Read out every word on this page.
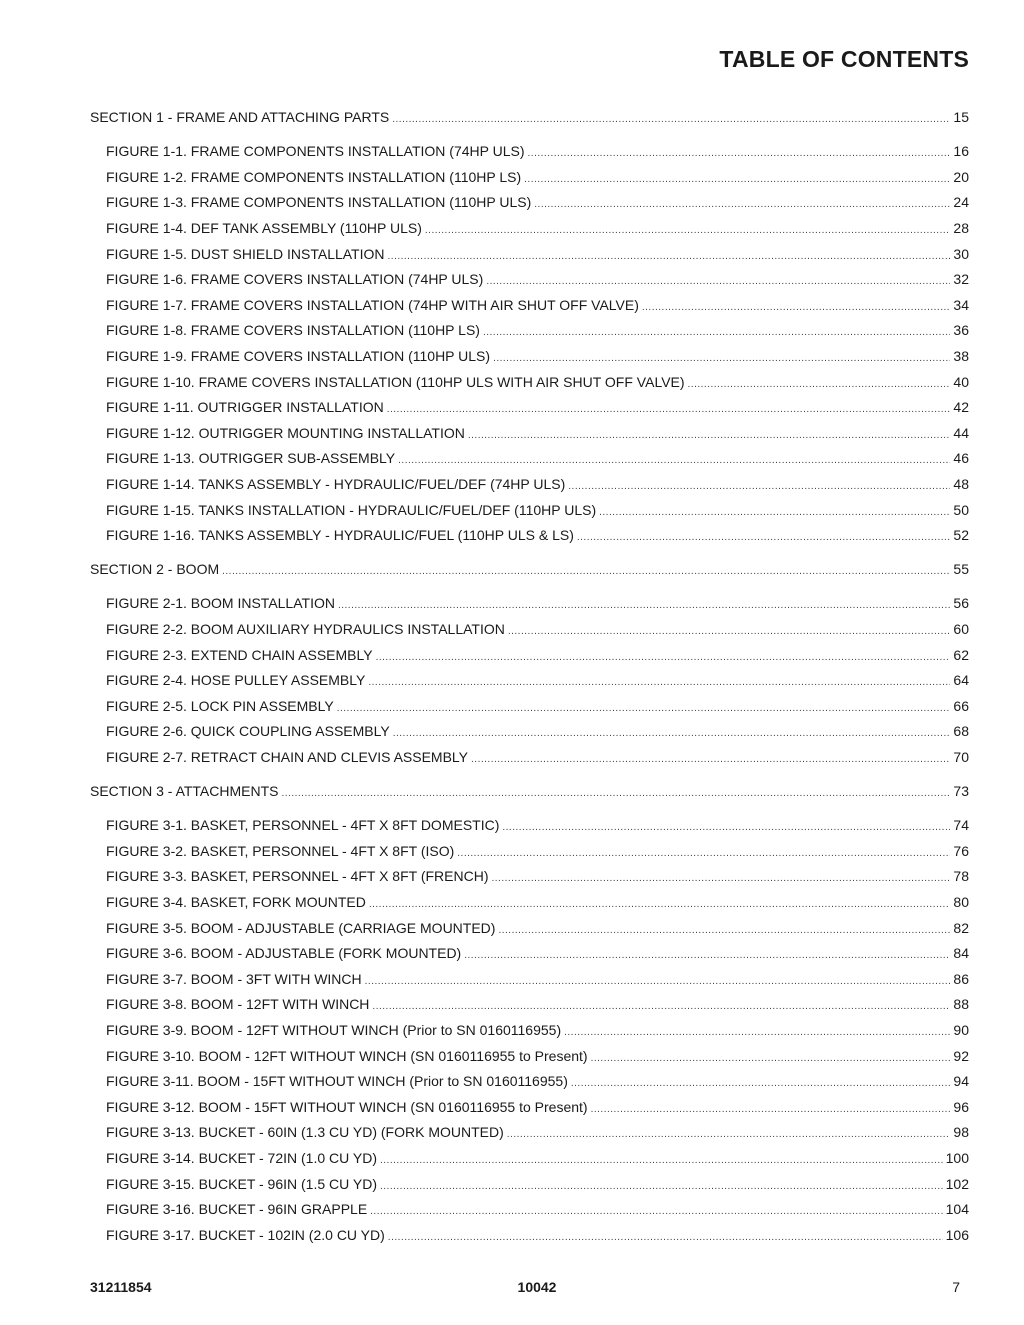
TABLE OF CONTENTS
SECTION 1 - FRAME AND ATTACHING PARTS .....	15
FIGURE 1-1. FRAME COMPONENTS INSTALLATION (74HP ULS) .....	16
FIGURE 1-2. FRAME COMPONENTS INSTALLATION (110HP LS) .....	20
FIGURE 1-3. FRAME COMPONENTS INSTALLATION (110HP ULS) .....	24
FIGURE 1-4. DEF TANK ASSEMBLY (110HP ULS) .....	28
FIGURE 1-5. DUST SHIELD INSTALLATION .....	30
FIGURE 1-6. FRAME COVERS INSTALLATION (74HP ULS) .....	32
FIGURE 1-7. FRAME COVERS INSTALLATION (74HP WITH AIR SHUT OFF VALVE) .....	34
FIGURE 1-8. FRAME COVERS INSTALLATION (110HP LS) .....	36
FIGURE 1-9. FRAME COVERS INSTALLATION (110HP ULS) .....	38
FIGURE 1-10. FRAME COVERS INSTALLATION (110HP ULS WITH AIR SHUT OFF VALVE) .....	40
FIGURE 1-11. OUTRIGGER INSTALLATION .....	42
FIGURE 1-12. OUTRIGGER MOUNTING INSTALLATION .....	44
FIGURE 1-13. OUTRIGGER SUB-ASSEMBLY .....	46
FIGURE 1-14. TANKS ASSEMBLY - HYDRAULIC/FUEL/DEF (74HP ULS) .....	48
FIGURE 1-15. TANKS INSTALLATION - HYDRAULIC/FUEL/DEF (110HP ULS) .....	50
FIGURE 1-16. TANKS ASSEMBLY - HYDRAULIC/FUEL (110HP ULS & LS) .....	52
SECTION 2 - BOOM .....	55
FIGURE 2-1. BOOM INSTALLATION .....	56
FIGURE 2-2. BOOM AUXILIARY HYDRAULICS INSTALLATION .....	60
FIGURE 2-3. EXTEND CHAIN ASSEMBLY .....	62
FIGURE 2-4. HOSE PULLEY ASSEMBLY .....	64
FIGURE 2-5. LOCK PIN ASSEMBLY .....	66
FIGURE 2-6. QUICK COUPLING ASSEMBLY .....	68
FIGURE 2-7. RETRACT CHAIN AND CLEVIS ASSEMBLY .....	70
SECTION 3 - ATTACHMENTS .....	73
FIGURE 3-1. BASKET, PERSONNEL - 4FT X 8FT DOMESTIC) .....	74
FIGURE 3-2. BASKET, PERSONNEL - 4FT X 8FT (ISO) .....	76
FIGURE 3-3. BASKET, PERSONNEL - 4FT X 8FT (FRENCH) .....	78
FIGURE 3-4. BASKET, FORK MOUNTED .....	80
FIGURE 3-5. BOOM - ADJUSTABLE (CARRIAGE MOUNTED) .....	82
FIGURE 3-6. BOOM - ADJUSTABLE (FORK MOUNTED) .....	84
FIGURE 3-7. BOOM - 3FT WITH WINCH .....	86
FIGURE 3-8. BOOM - 12FT WITH WINCH .....	88
FIGURE 3-9. BOOM - 12FT WITHOUT WINCH (Prior to SN 0160116955) .....	90
FIGURE 3-10. BOOM - 12FT WITHOUT WINCH (SN 0160116955 to Present) .....	92
FIGURE 3-11. BOOM - 15FT WITHOUT WINCH (Prior to SN 0160116955) .....	94
FIGURE 3-12. BOOM - 15FT WITHOUT WINCH (SN 0160116955 to Present) .....	96
FIGURE 3-13. BUCKET - 60IN (1.3 CU YD) (FORK MOUNTED) .....	98
FIGURE 3-14. BUCKET - 72IN (1.0 CU YD) .....	100
FIGURE 3-15. BUCKET - 96IN (1.5 CU YD) .....	102
FIGURE 3-16. BUCKET - 96IN GRAPPLE .....	104
FIGURE 3-17. BUCKET - 102IN (2.0 CU YD) .....	106
31211854	10042	7
